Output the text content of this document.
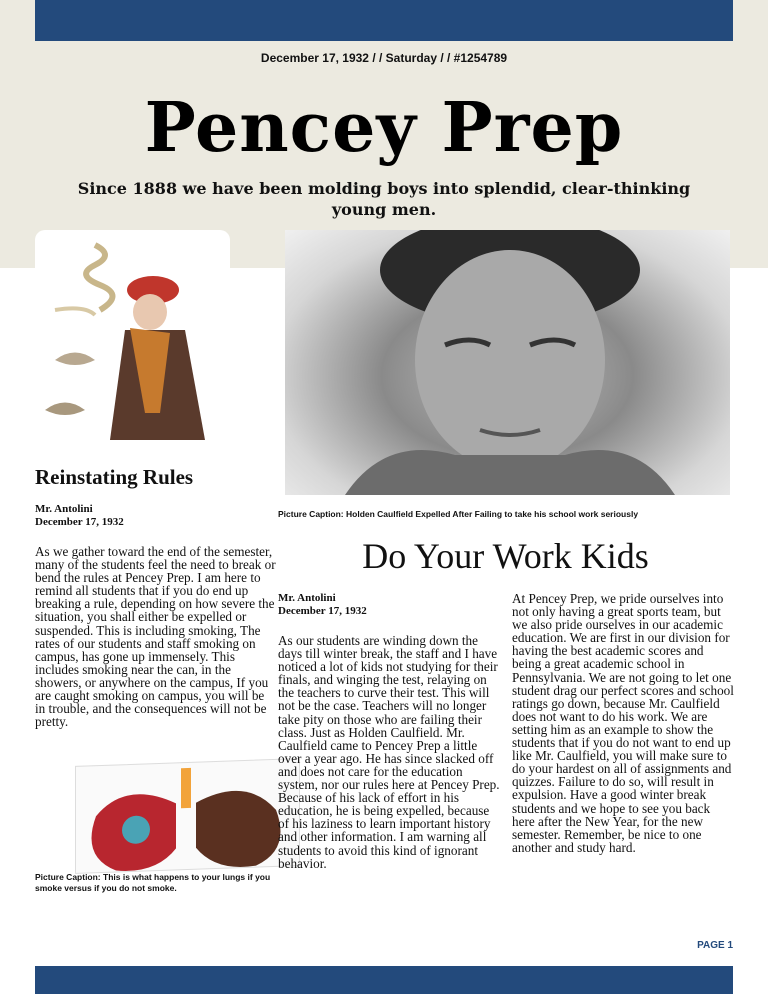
December 17, 1932 / / Saturday / / #1254789
Pencey Prep
Since 1888 we have been molding boys into splendid, clear-thinking young men.
Picture Caption: Holden Caulfield Expelled After Failing to take his school work seriously
Reinstating Rules
Mr. Antolini
December 17, 1932
As we gather toward the end of the semester, many of the students feel the need to break or bend the rules at Pencey Prep. I am here to remind all students that if you do end up breaking a rule, depending on how severe the situation, you shall either be expelled or suspended. This is including smoking, The rates of our students and staff smoking on campus, has gone up immensely. This includes smoking near the can, in the showers, or anywhere on the campus, If you are caught smoking on campus, you will be in trouble, and the consequences will not be pretty.
Picture Caption: This is what happens to your lungs if you smoke versus if you do not smoke.
Do Your Work Kids
Mr. Antolini
December 17, 1932
As our students are winding down the days till winter break, the staff and I have noticed a lot of kids not studying for their finals, and winging the test, relaying on the teachers to curve their test. This will not be the case. Teachers will no longer take pity on those who are failing their class. Just as Holden Caulfield. Mr. Caulfield came to Pencey Prep a little over a year ago. He has since slacked off and does not care for the education system, nor our rules here at Pencey Prep. Because of his lack of effort in his education, he is being expelled, because of his laziness to learn important history and other information. I am warning all students to avoid this kind of ignorant behavior.
At Pencey Prep, we pride ourselves into not only having a great sports team, but we also pride ourselves in our academic education. We are first in our division for having the best academic scores and being a great academic school in Pennsylvania. We are not going to let one student drag our perfect scores and school ratings go down, because Mr. Caulfield does not want to do his work. We are setting him as an example to show the students that if you do not want to end up like Mr. Caulfield, you will make sure to do your hardest on all of assignments and quizzes. Failure to do so, will result in expulsion. Have a good winter break students and we hope to see you back here after the New Year, for the new semester. Remember, be nice to one another and study hard.
PAGE 1
